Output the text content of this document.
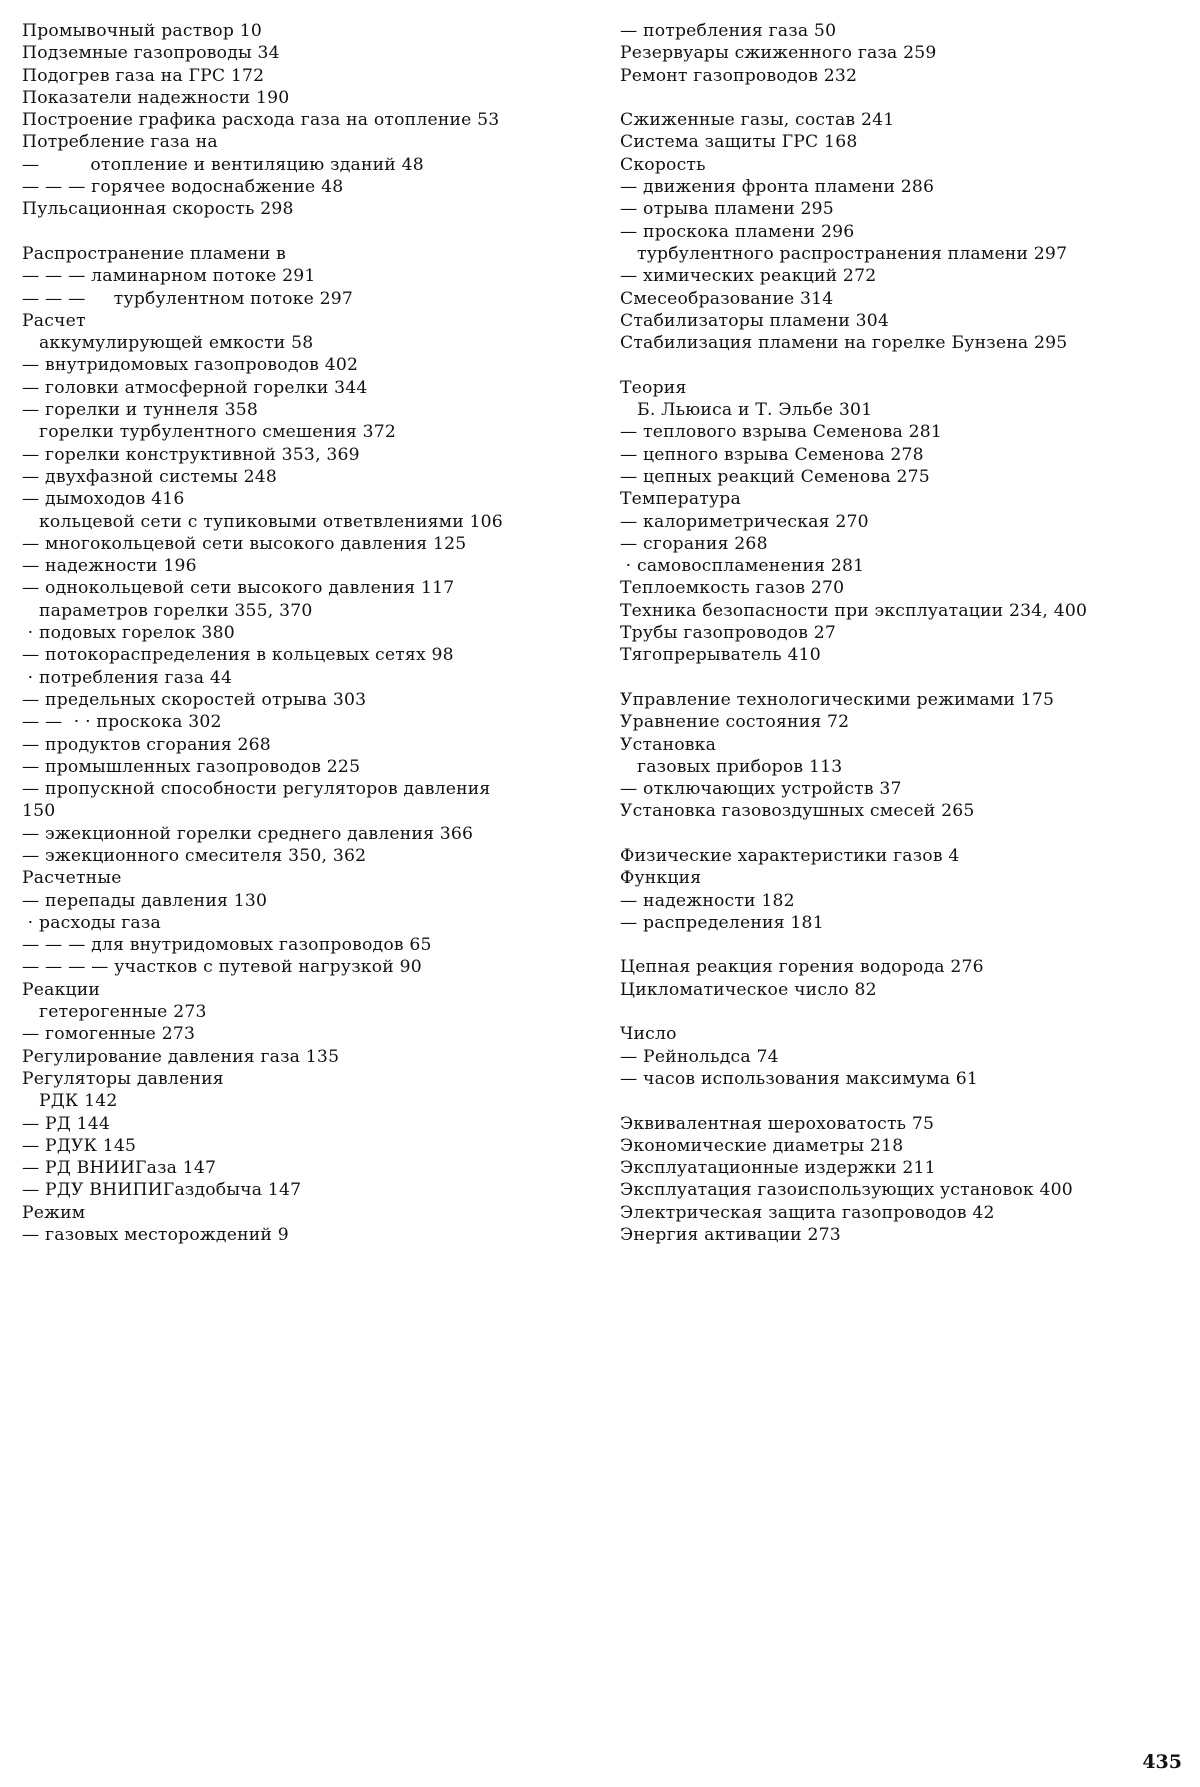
Промывочный раствор 10
Подземные газопроводы 34
Подогрев газа на ГРС 172
Показатели надежности 190
Построение графика расхода газа на отопление 53
Потребление газа на
—         отопление и вентиляцию зданий 48
— — — горячее водоснабжение 48
Пульсационная скорость 298
Распространение пламени в
— — — ламинарном потоке 291
— — —     турбулентном потоке 297
Расчет
аккумулирующей емкости 58
— внутридомовых газопроводов 402
— головки атмосферной горелки 344
— горелки и туннеля 358
горелки турбулентного смешения 372
— горелки конструктивной 353, 369
— двухфазной системы 248
— дымоходов 416
кольцевой сети с тупиковыми ответвлениями 106
— многокольцевой сети высокого давления 125
— надежности 196
— однокольцевой сети высокого давления 117
параметров горелки 355, 370
· подовых горелок 380
— потокораспределения в кольцевых сетях 98
· потребления газа 44
— предельных скоростей отрыва 303
— —  · · проскока 302
— продуктов сгорания 268
— промышленных газопроводов 225
— пропускной способности регуляторов давления
150
— эжекционной горелки среднего давления 366
— эжекционного смесителя 350, 362
Расчетные
— перепады давления 130
· расходы газа
— — — для внутридомовых газопроводов 65
— — — — участков с путевой нагрузкой 90
Реакции
гетерогенные 273
— гомогенные 273
Регулирование давления газа 135
Регуляторы давления
РДК 142
— РД 144
— РДУК 145
— РД ВНИИГаза 147
— РДУ ВНИПИГаздобыча 147
Режим
— газовых месторождений 9
— потребления газа 50
Резервуары сжиженного газа 259
Ремонт газопроводов 232
Сжиженные газы, состав 241
Система защиты ГРС 168
Скорость
— движения фронта пламени 286
— отрыва пламени 295
— проскока пламени 296
турбулентного распространения пламени 297
— химических реакций 272
Смесеобразование 314
Стабилизаторы пламени 304
Стабилизация пламени на горелке Бунзена 295
Теория
Б. Льюиса и Т. Эльбе 301
— теплового взрыва Семенова 281
— цепного взрыва Семенова 278
— цепных реакций Семенова 275
Температура
— калориметрическая 270
— сгорания 268
· самовоспламенения 281
Теплоемкость газов 270
Техника безопасности при эксплуатации 234, 400
Трубы газопроводов 27
Тягопрерыватель 410
Управление технологическими режимами 175
Уравнение состояния 72
Установка
газовых приборов 113
— отключающих устройств 37
Установка газовоздушных смесей 265
Физические характеристики газов 4
Функция
— надежности 182
— распределения 181
Цепная реакция горения водорода 276
Цикломатическое число 82
Число
— Рейнольдса 74
— часов использования максимума 61
Эквивалентная шероховатость 75
Экономические диаметры 218
Эксплуатационные издержки 211
Эксплуатация газоиспользующих установок 400
Электрическая защита газопроводов 42
Энергия активации 273
435
